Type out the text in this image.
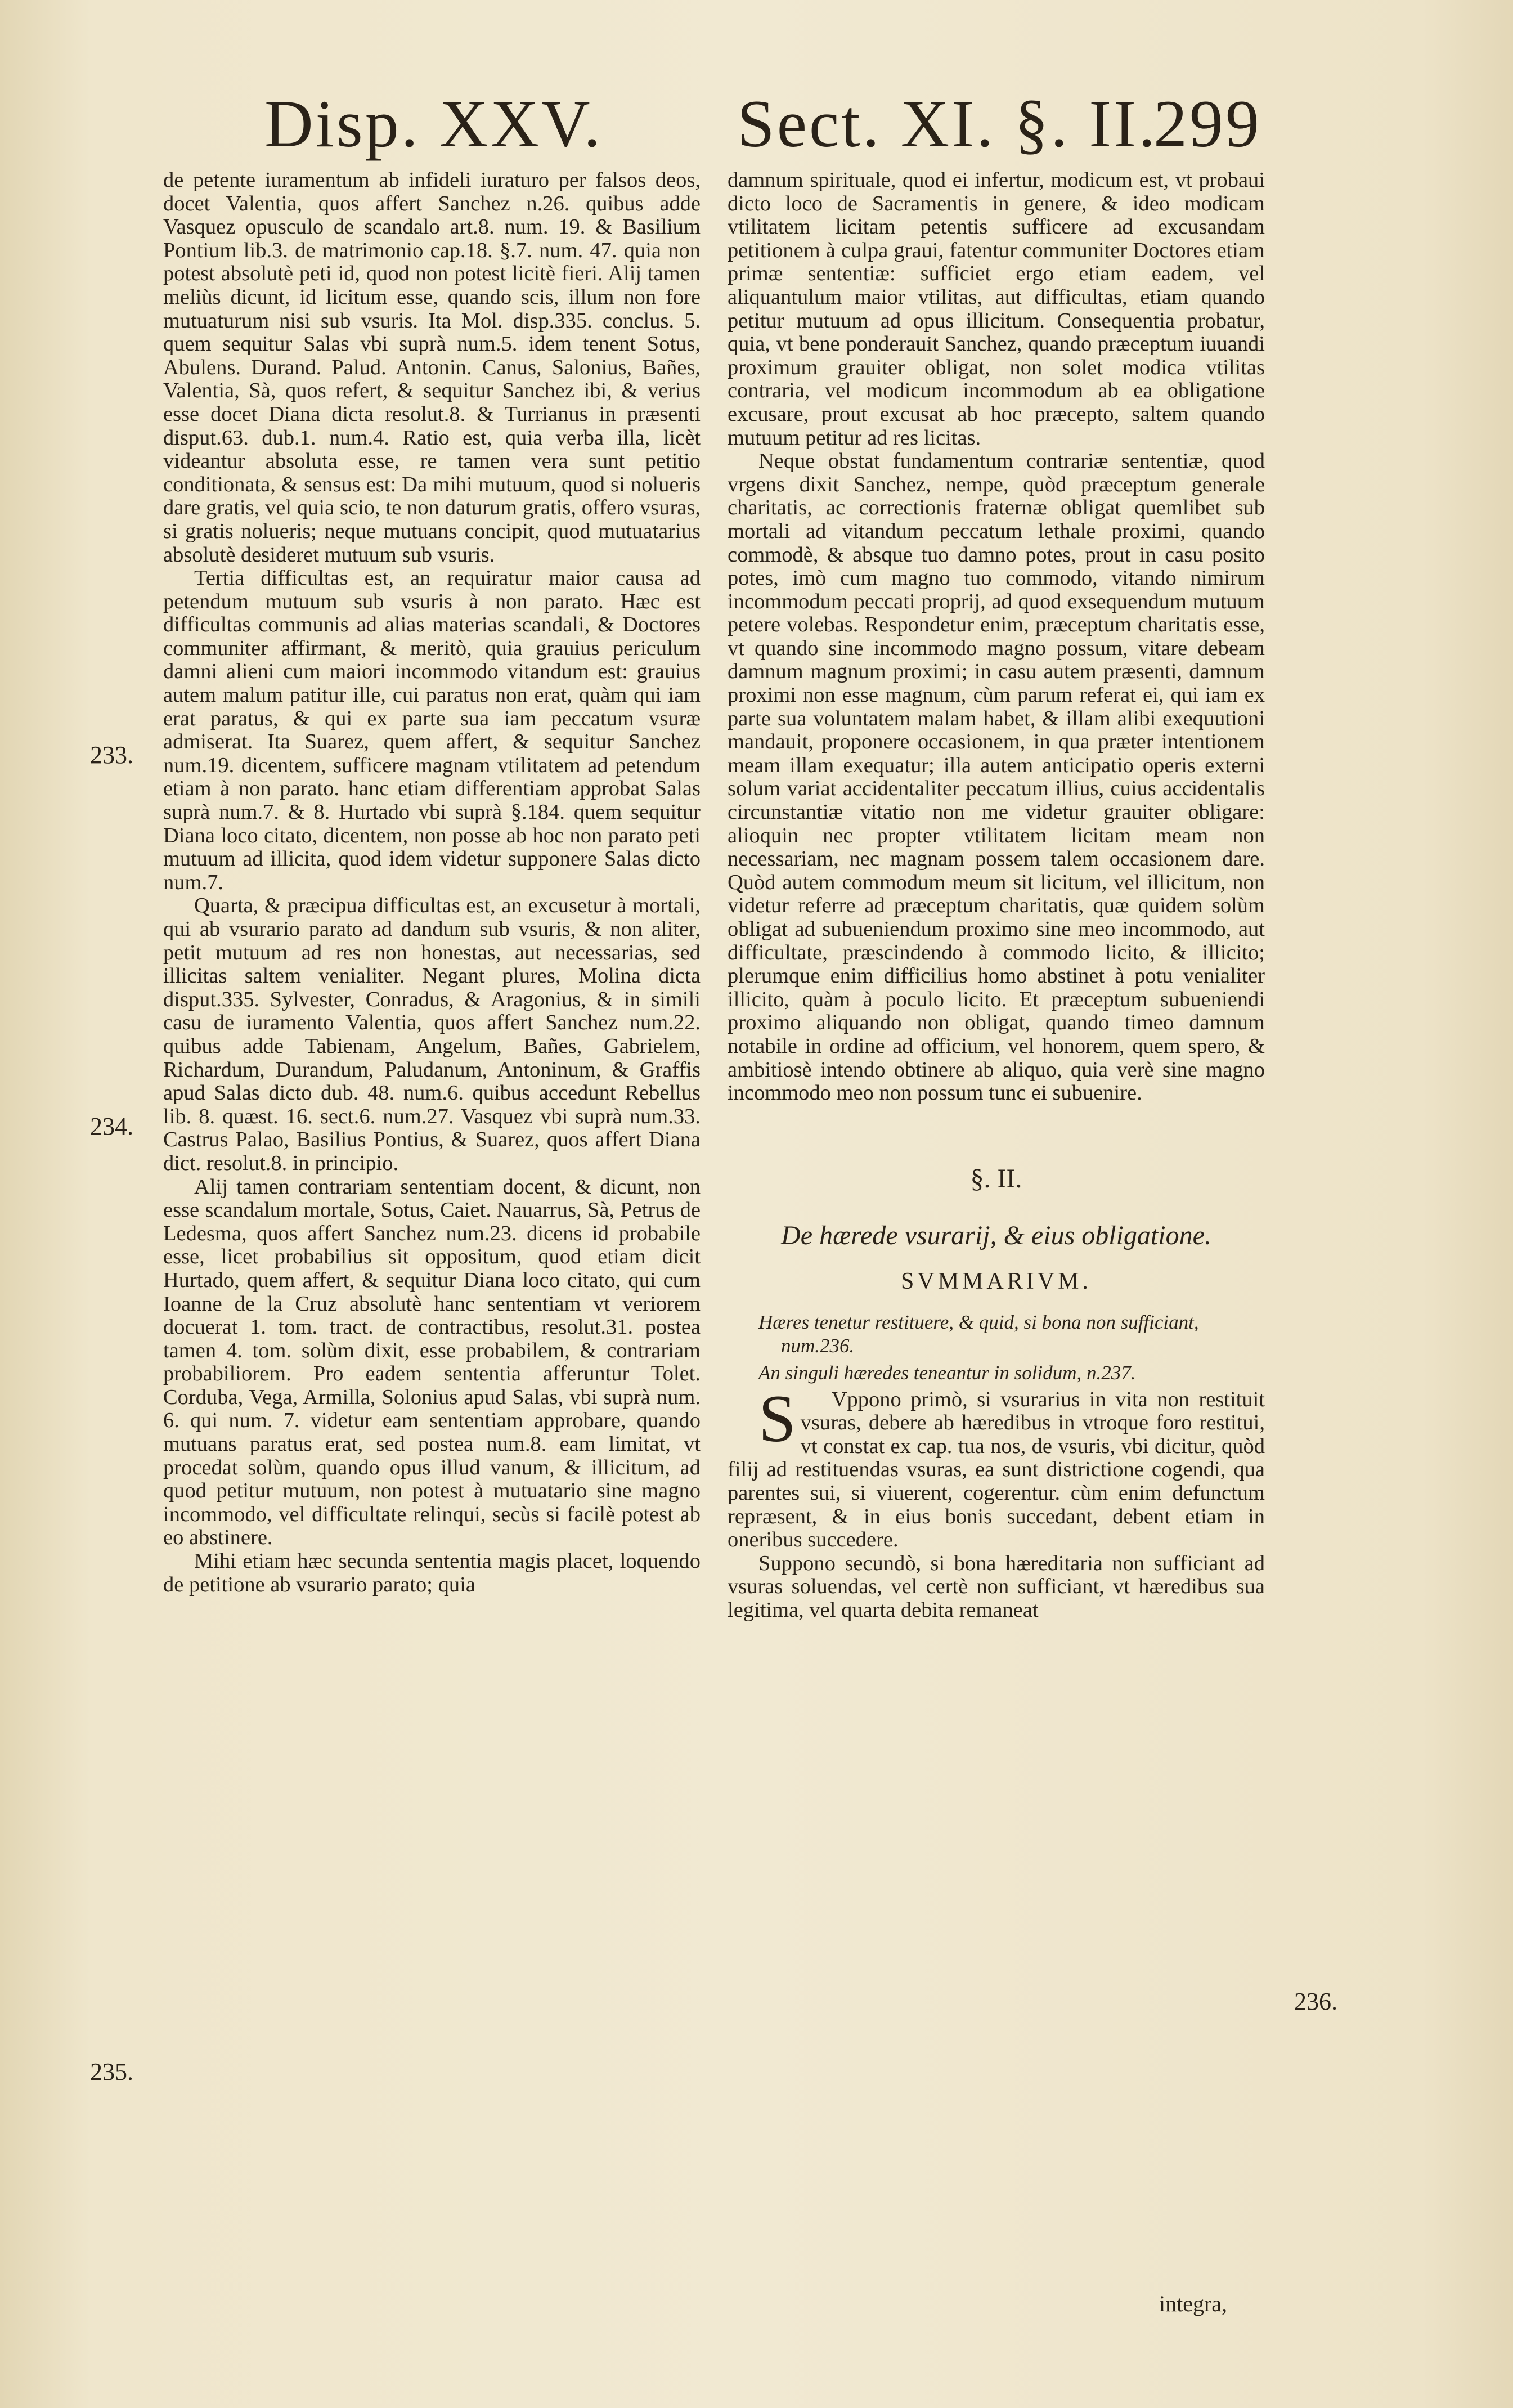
Disp. XXV. Sect. XI. §. II.
299

de petente iuramentum ab infideli iuraturo per falsos deos, docet Valentia, quos affert Sanchez n.26. quibus adde Vasquez opusculo de scandalo art.8. num. 19. & Basilium Pontium lib.3. de matrimonio cap.18. §.7. num. 47. quia non potest absolutè peti id, quod non potest licitè fieri. Alij tamen meliùs dicunt, id licitum esse, quando scis, illum non fore mutuaturum nisi sub vsuris. Ita Mol. disp.335. conclus. 5. quem sequitur Salas vbi suprà num.5. idem tenent Sotus, Abulens. Durand. Palud. Antonin. Canus, Salonius, Bañes, Valentia, Sà, quos refert, & sequitur Sanchez ibi, & verius esse docet Diana dicta resolut.8. & Turrianus in præsenti disput.63. dub.1. num.4. Ratio est, quia verba illa, licèt videantur absoluta esse, re tamen vera sunt petitio conditionata, & sensus est: Da mihi mutuum, quod si nolueris dare gratis, vel quia scio, te non daturum gratis, offero vsuras, si gratis nolueris; neque mutuans concipit, quod mutuatarius absolutè desideret mutuum sub vsuris.

Tertia difficultas est, an requiratur maior causa ad petendum mutuum sub vsuris à non parato. Hæc est difficultas communis ad alias materias scandali, & Doctores communiter affirmant, & meritò, quia grauius periculum damni alieni cum maiori incommodo vitandum est: grauius autem malum patitur ille, cui paratus non erat, quàm qui iam erat paratus, & qui ex parte sua iam peccatum vsuræ admiserat. Ita Suarez, quem affert, & sequitur Sanchez num.19. dicentem, sufficere magnam vtilitatem ad petendum etiam à non parato. hanc etiam differentiam approbat Salas suprà num.7. & 8. Hurtado vbi suprà §.184. quem sequitur Diana loco citato, dicentem, non posse ab hoc non parato peti mutuum ad illicita, quod idem videtur supponere Salas dicto num.7.

Quarta, & præcipua difficultas est, an excusetur à mortali, qui ab vsurario parato ad dandum sub vsuris, & non aliter, petit mutuum ad res non honestas, aut necessarias, sed illicitas saltem venialiter. Negant plures, Molina dicta disput.335. Sylvester, Conradus, & Aragonius, & in simili casu de iuramento Valentia, quos affert Sanchez num.22. quibus adde Tabienam, Angelum, Bañes, Gabrielem, Richardum, Durandum, Paludanum, Antoninum, & Graffis apud Salas dicto dub. 48. num.6. quibus accedunt Rebellus lib. 8. quæst. 16. sect.6. num.27. Vasquez vbi suprà num.33. Castrus Palao, Basilius Pontius, & Suarez, quos affert Diana dict. resolut.8. in principio.

Alij tamen contrariam sententiam docent, & dicunt, non esse scandalum mortale, Sotus, Caiet. Nauarrus, Sà, Petrus de Ledesma, quos affert Sanchez num.23. dicens id probabile esse, licet probabilius sit oppositum, quod etiam dicit Hurtado, quem affert, & sequitur Diana loco citato, qui cum Ioanne de la Cruz absolutè hanc sententiam vt veriorem docuerat 1. tom. tract. de contractibus, resolut.31. postea tamen 4. tom. solùm dixit, esse probabilem, & contrariam probabiliorem. Pro eadem sententia afferuntur Tolet. Corduba, Vega, Armilla, Solonius apud Salas, vbi suprà num. 6. qui num. 7. videtur eam sententiam approbare, quando mutuans paratus erat, sed postea num.8. eam limitat, vt procedat solùm, quando opus illud vanum, & illicitum, ad quod petitur mutuum, non potest à mutuatario sine magno incommodo, vel difficultate relinqui, secùs si facilè potest ab eo abstinere.

Mihi etiam hæc secunda sententia magis placet, loquendo de petitione ab vsurario parato; quia

233.
234.
235.

damnum spirituale, quod ei infertur, modicum est, vt probaui dicto loco de Sacramentis in genere, & ideo modicam vtilitatem licitam petentis sufficere ad excusandam petitionem à culpa graui, fatentur communiter Doctores etiam primæ sententiæ: sufficiet ergo etiam eadem, vel aliquantulum maior vtilitas, aut difficultas, etiam quando petitur mutuum ad opus illicitum. Consequentia probatur, quia, vt bene ponderauit Sanchez, quando præceptum iuuandi proximum grauiter obligat, non solet modica vtilitas contraria, vel modicum incommodum ab ea obligatione excusare, prout excusat ab hoc præcepto, saltem quando mutuum petitur ad res licitas.

Neque obstat fundamentum contrariæ sententiæ, quod vrgens dixit Sanchez, nempe, quòd præceptum generale charitatis, ac correctionis fraternæ obligat quemlibet sub mortali ad vitandum peccatum lethale proximi, quando commodè, & absque tuo damno potes, prout in casu posito potes, imò cum magno tuo commodo, vitando nimirum incommodum peccati proprij, ad quod exsequendum mutuum petere volebas. Respondetur enim, præceptum charitatis esse, vt quando sine incommodo magno possum, vitare debeam damnum magnum proximi; in casu autem præsenti, damnum proximi non esse magnum, cùm parum referat ei, qui iam ex parte sua voluntatem malam habet, & illam alibi exequutioni mandauit, proponere occasionem, in qua præter intentionem meam illam exequatur; illa autem anticipatio operis externi solum variat accidentaliter peccatum illius, cuius accidentalis circunstantiæ vitatio non me videtur grauiter obligare: alioquin nec propter vtilitatem licitam meam non necessariam, nec magnam possem talem occasionem dare. Quòd autem commodum meum sit licitum, vel illicitum, non videtur referre ad præceptum charitatis, quæ quidem solùm obligat ad subueniendum proximo sine meo incommodo, aut difficultate, præscindendo à commodo licito, & illicito; plerumque enim difficilius homo abstinet à potu venialiter illicito, quàm à poculo licito. Et præceptum subueniendi proximo aliquando non obligat, quando timeo damnum notabile in ordine ad officium, vel honorem, quem spero, & ambitiosè intendo obtinere ab aliquo, quia verè sine magno incommodo meo non possum tunc ei subuenire.

§. II.
De hærede vsurarij, & eius obligatione.
SVMMARIVM.
Hæres tenetur restituere, & quid, si bona non sufficiant, num.236.
An singuli hæredes teneantur in solidum, n.237.

S Vppono primò, si vsurarius in vita non restituit vsuras, debere ab hæredibus in vtroque foro restitui, vt constat ex cap. tua nos, de vsuris, vbi dicitur, quòd filij ad restituendas vsuras, ea sunt districtione cogendi, qua parentes sui, si viuerent, cogerentur. cùm enim defunctum repræsent, & in eius bonis succedant, debent etiam in oneribus succedere.

Suppono secundò, si bona hæreditaria non sufficiant ad vsuras soluendas, vel certè non sufficiant, vt hæredibus sua legitima, vel quarta debita remaneat

236.
integra,
